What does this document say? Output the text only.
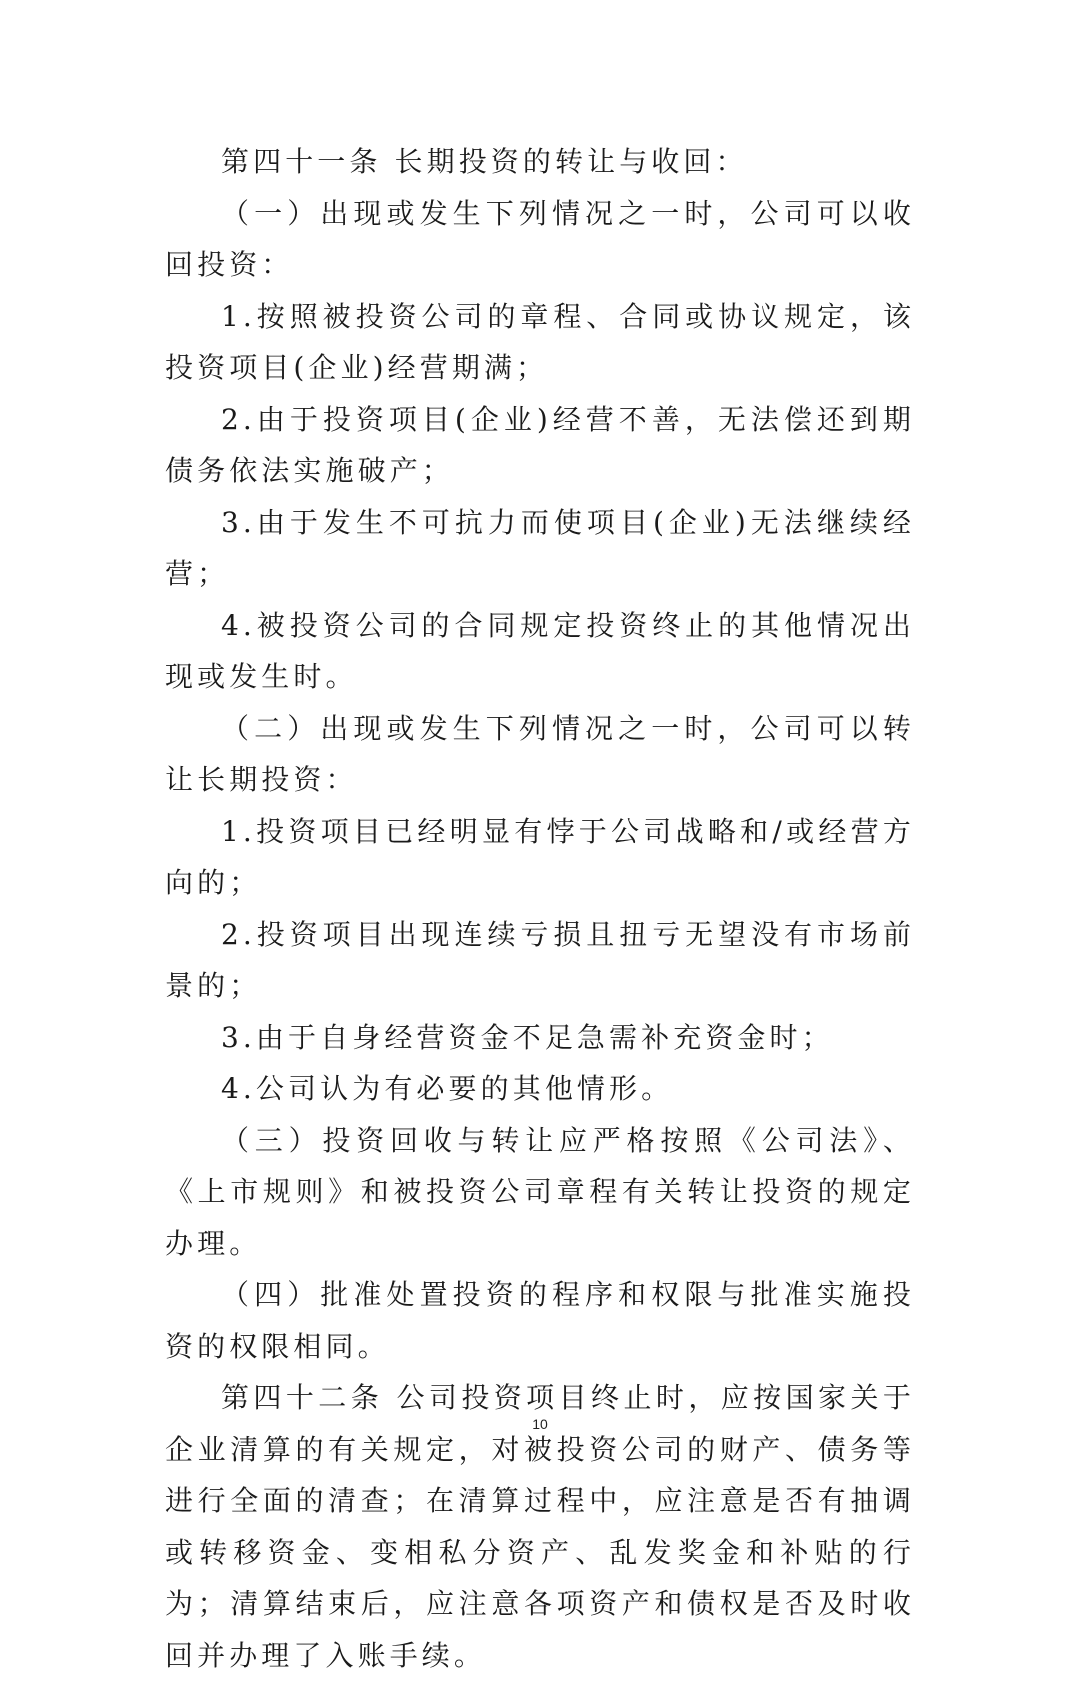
第四十一条 长期投资的转让与收回：

（一）出现或发生下列情况之一时，公司可以收回投资：

1.按照被投资公司的章程、合同或协议规定，该投资项目(企业)经营期满；

2.由于投资项目(企业)经营不善，无法偿还到期债务依法实施破产；

3.由于发生不可抗力而使项目(企业)无法继续经营；

4.被投资公司的合同规定投资终止的其他情况出现或发生时。

（二）出现或发生下列情况之一时，公司可以转让长期投资：

1.投资项目已经明显有悖于公司战略和/或经营方向的；

2.投资项目出现连续亏损且扭亏无望没有市场前景的；

3.由于自身经营资金不足急需补充资金时；

4.公司认为有必要的其他情形。

（三）投资回收与转让应严格按照《公司法》、《上市规则》和被投资公司章程有关转让投资的规定办理。

（四）批准处置投资的程序和权限与批准实施投资的权限相同。

第四十二条 公司投资项目终止时，应按国家关于企业清算的有关规定，对被投资公司的财产、债务等进行全面的清查；在清算过程中，应注意是否有抽调或转移资金、变相私分资产、乱发奖金和补贴的行为；清算结束后，应注意各项资产和债权是否及时收回并办理了入账手续。

10
